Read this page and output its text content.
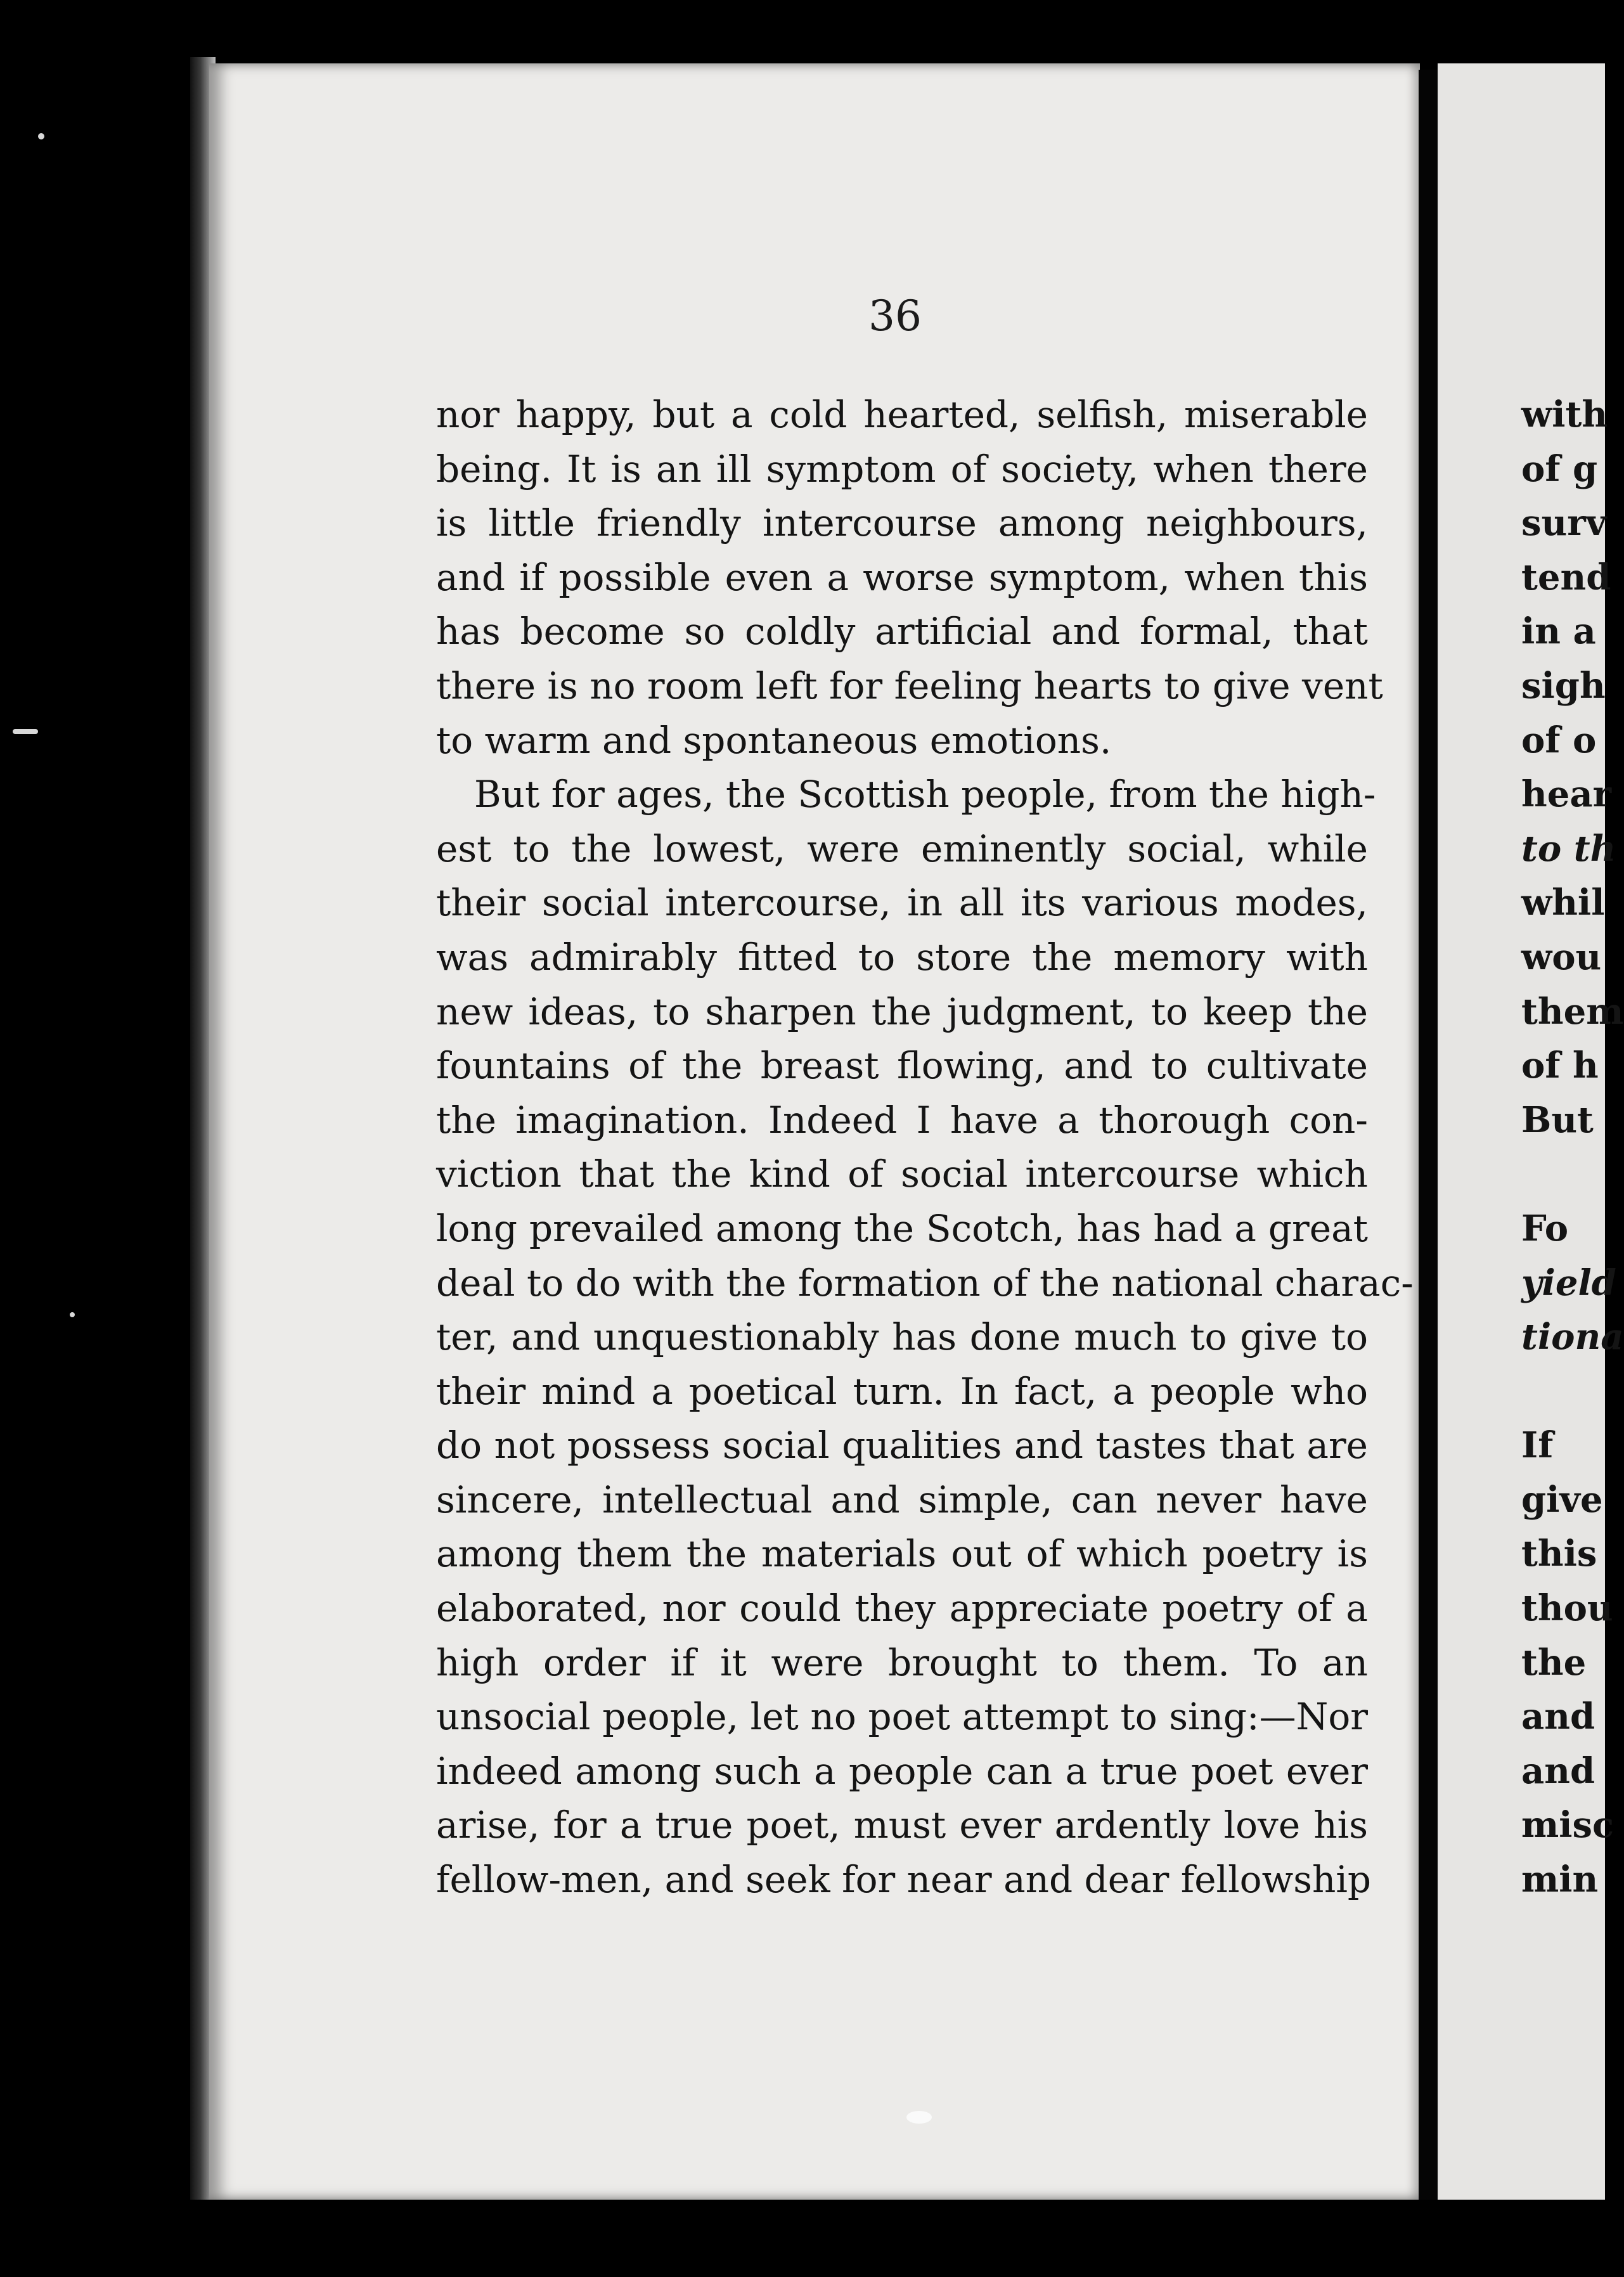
36
nor happy, but a cold hearted, selfish, miserable
being. It is an ill symptom of society, when there
is little friendly intercourse among neighbours,
and if possible even a worse symptom, when this
has become so coldly artificial and formal, that
there is no room left for feeling hearts to give vent
to warm and spontaneous emotions.
But for ages, the Scottish people, from the high-
est to the lowest, were eminently social, while
their social intercourse, in all its various modes,
was admirably fitted to store the memory with
new ideas, to sharpen the judgment, to keep the
fountains of the breast flowing, and to cultivate
the imagination. Indeed I have a thorough con-
viction that the kind of social intercourse which
long prevailed among the Scotch, has had a great
deal to do with the formation of the national charac-
ter, and unquestionably has done much to give to
their mind a poetical turn. In fact, a people who
do not possess social qualities and tastes that are
sincere, intellectual and simple, can never have
among them the materials out of which poetry is
elaborated, nor could they appreciate poetry of a
high order if it were brought to them. To an
unsocial people, let no poet attempt to sing:—Nor
indeed among such a people can a true poet ever
arise, for a true poet, must ever ardently love his
fellow-men, and seek for near and dear fellowship
with
of g
surv
tend
in a
sigh
of o
hear
to th
whil
wou
them
of h
But
Fo
yield
tiona
If
give
this
thou
the
and
and
misc
min
